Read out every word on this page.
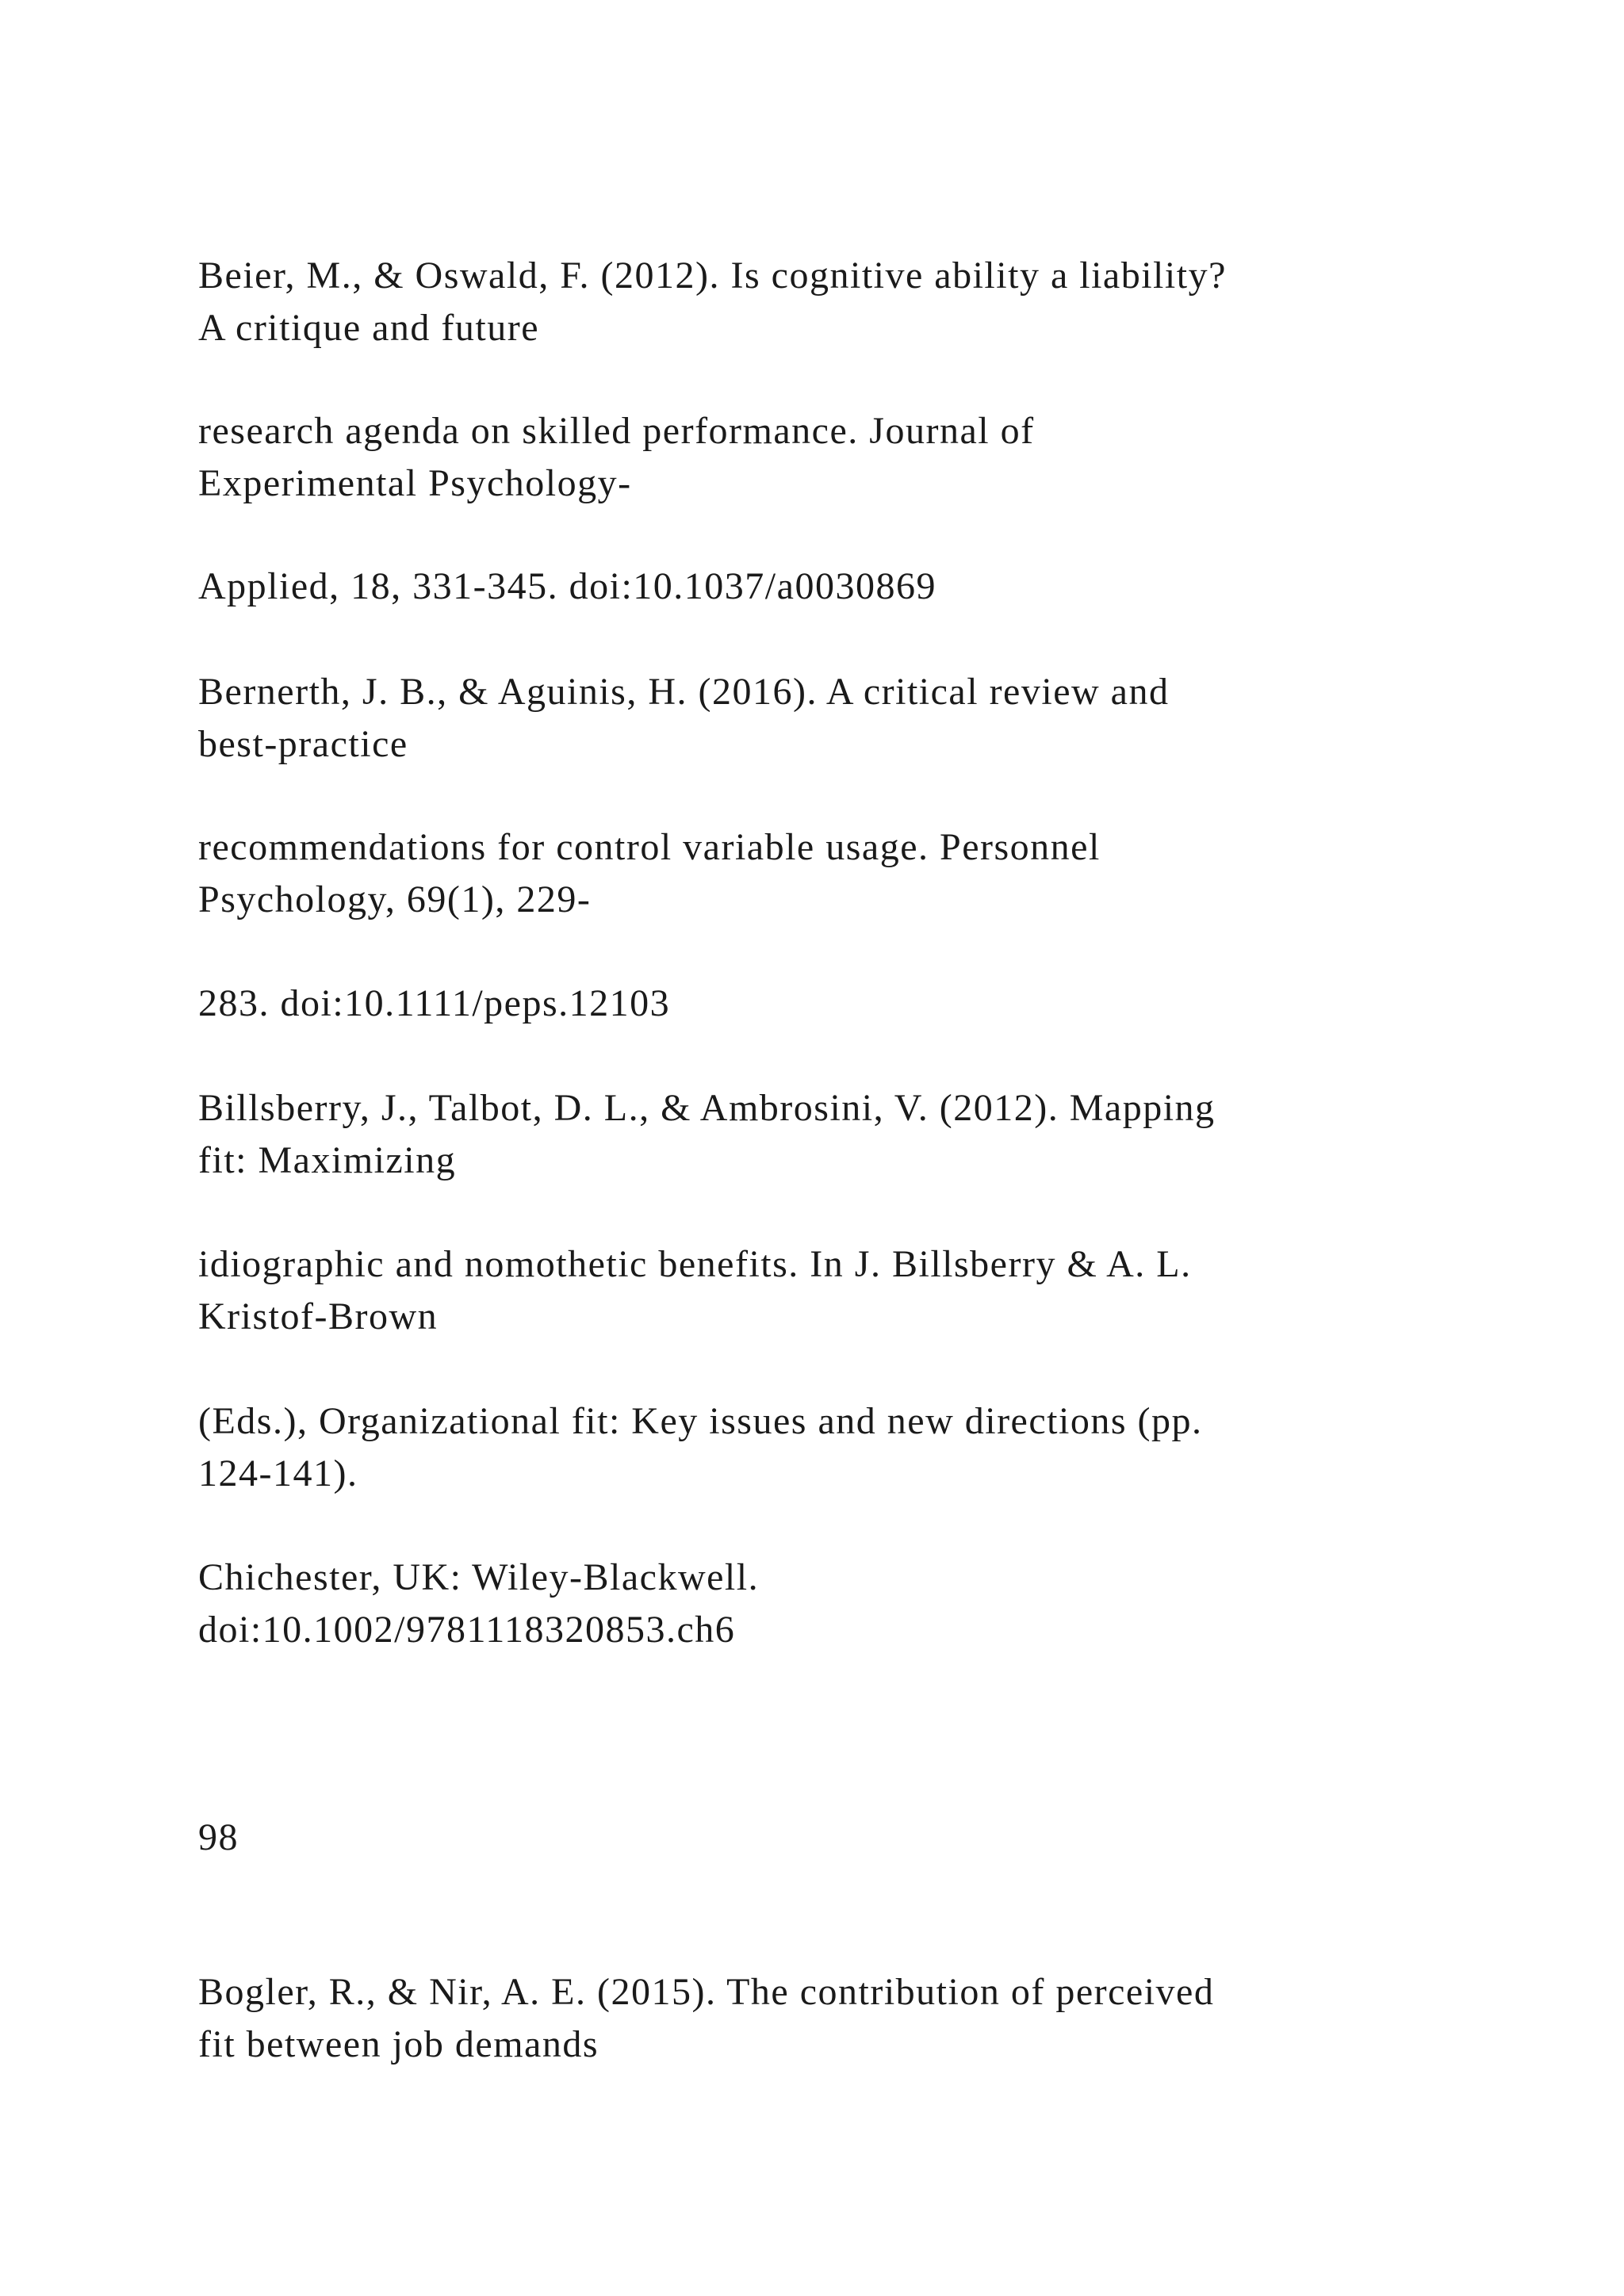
Beier, M., & Oswald, F. (2012). Is cognitive ability a liability?
A critique and future
research agenda on skilled performance. Journal of
Experimental Psychology-
Applied, 18, 331-345. doi:10.1037/a0030869
Bernerth, J. B., & Aguinis, H. (2016). A critical review and
best-practice
recommendations for control variable usage. Personnel
Psychology, 69(1), 229-
283. doi:10.1111/peps.12103
Billsberry, J., Talbot, D. L., & Ambrosini, V. (2012). Mapping
fit: Maximizing
idiographic and nomothetic benefits. In J. Billsberry & A. L.
Kristof-Brown
(Eds.), Organizational fit: Key issues and new directions (pp.
124-141).
Chichester, UK: Wiley-Blackwell.
doi:10.1002/9781118320853.ch6
98
Bogler, R., & Nir, A. E. (2015). The contribution of perceived
fit between job demands
